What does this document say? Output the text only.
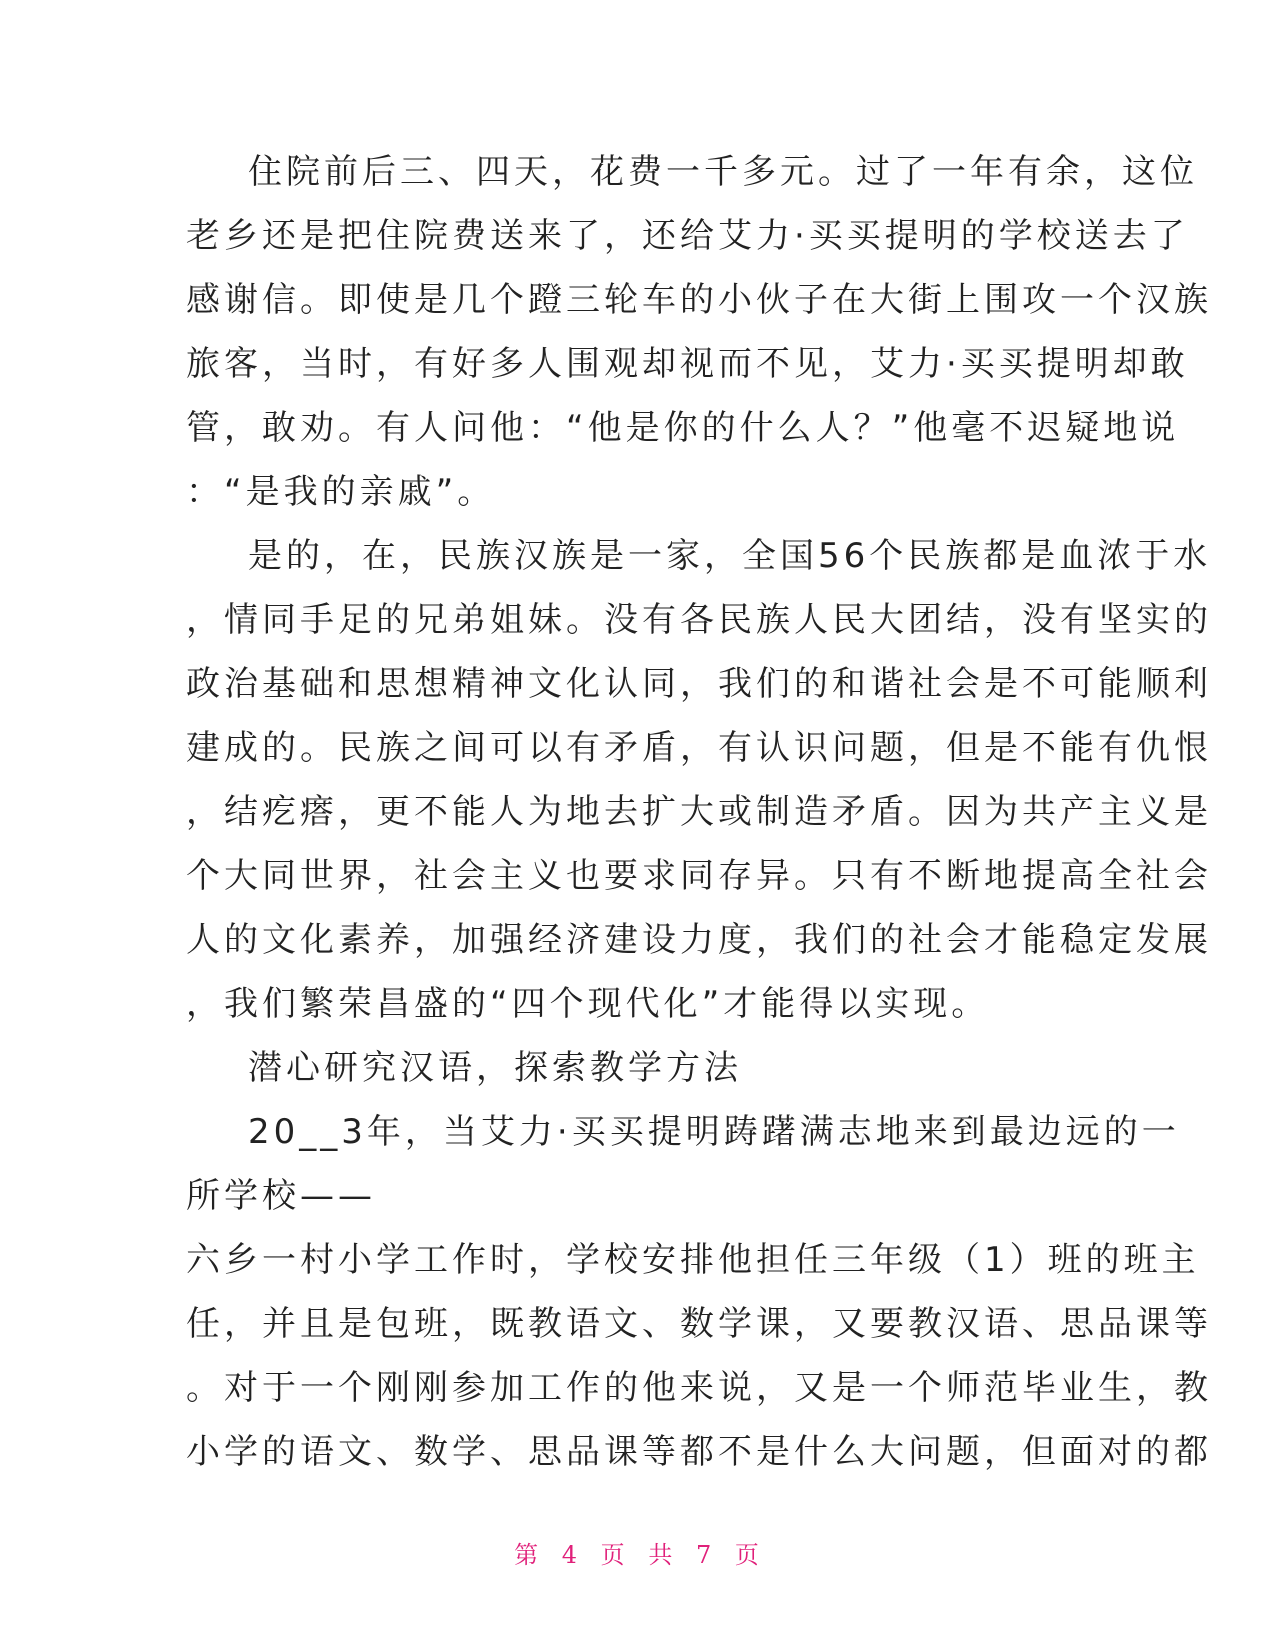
住院前后三、四天，花费一千多元。过了一年有余，这位
老乡还是把住院费送来了，还给艾力·买买提明的学校送去了
感谢信。即使是几个蹬三轮车的小伙子在大街上围攻一个汉族
旅客，当时，有好多人围观却视而不见，艾力·买买提明却敢
管，敢劝。有人问他：“他是你的什么人？”他毫不迟疑地说
：“是我的亲戚”。
是的，在，民族汉族是一家，全国56个民族都是血浓于水
，情同手足的兄弟姐妹。没有各民族人民大团结，没有坚实的
政治基础和思想精神文化认同，我们的和谐社会是不可能顺利
建成的。民族之间可以有矛盾，有认识问题，但是不能有仇恨
，结疙瘩，更不能人为地去扩大或制造矛盾。因为共产主义是
个大同世界，社会主义也要求同存异。只有不断地提高全社会
人的文化素养，加强经济建设力度，我们的社会才能稳定发展
，我们繁荣昌盛的“四个现代化”才能得以实现。
潜心研究汉语，探索教学方法
20__3年，当艾力·买买提明踌躇满志地来到最边远的一
所学校——
六乡一村小学工作时，学校安排他担任三年级（1）班的班主
任，并且是包班，既教语文、数学课，又要教汉语、思品课等
。对于一个刚刚参加工作的他来说，又是一个师范毕业生，教
小学的语文、数学、思品课等都不是什么大问题，但面对的都
第 4 页 共 7 页
